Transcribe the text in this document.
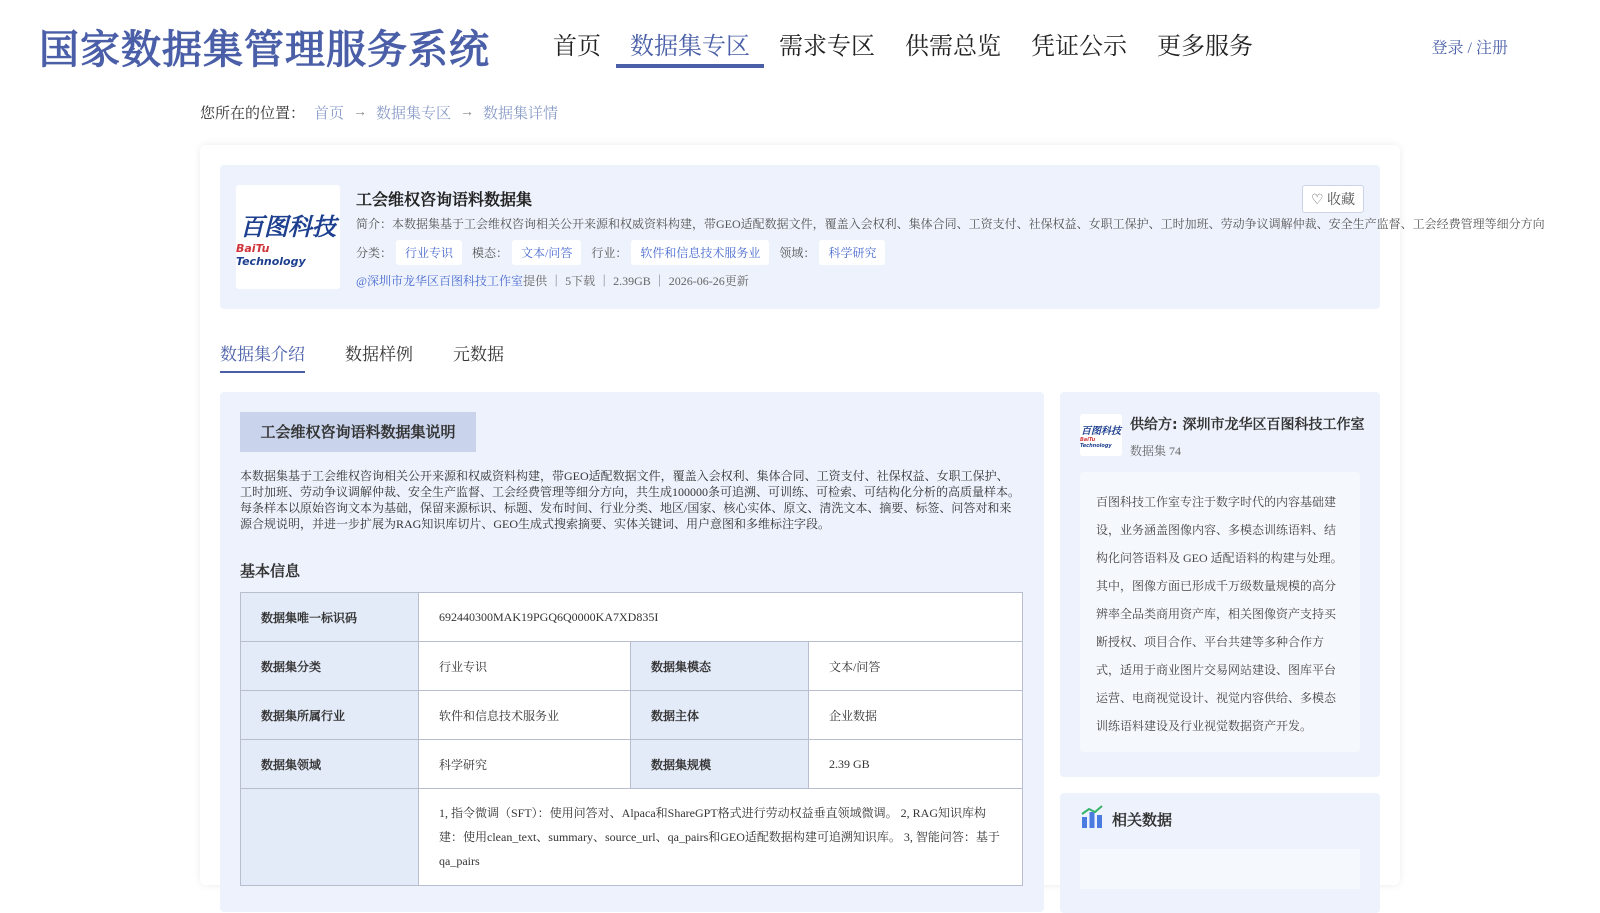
国家数据集管理服务系统	首页	数据集专区	需求专区	供需总览	凭证公示	更多服务	登录 / 注册
您所在的位置： 首页 → 数据集专区 → 数据集详情
百图科技
BaiTu Technology
工会维权咨询语料数据集
简介：本数据集基于工会维权咨询相关公开来源和权威资料构建，带GEO适配数据文件，覆盖入会权利、集体合同、工资支付、社保权益、女职工保护、工时加班、劳动争议调解仲裁、安全生产监督、工会经费管理等细分方向
分类：	行业专识	模态：	文本/问答	行业：	软件和信息技术服务业	领域：	科学研究
@深圳市龙华区百图科技工作室提供 ｜ 5下载 ｜ 2.39GB ｜ 2026-06-26更新
♡ 收藏
数据集介绍 数据样例 元数据
工会维权咨询语料数据集说明
本数据集基于工会维权咨询相关公开来源和权威资料构建，带GEO适配数据文件，覆盖入会权利、集体合同、工资支付、社保权益、女职工保护、工时加班、劳动争议调解仲裁、安全生产监督、工会经费管理等细分方向，共生成100000条可追溯、可训练、可检索、可结构化分析的高质量样本。每条样本以原始咨询文本为基础，保留来源标识、标题、发布时间、行业分类、地区/国家、核心实体、原文、清洗文本、摘要、标签、问答对和来源合规说明，并进一步扩展为RAG知识库切片、GEO生成式搜索摘要、实体关键词、用户意图和多维标注字段。
基本信息
数据集唯一标识码	692440300MAK19PGQ6Q0000KA7XD835I		
数据集分类	行业专识	数据集模态	文本/问答
数据集所属行业	软件和信息技术服务业	数据主体	企业数据
数据集领域	科学研究	数据集规模	2.39 GB
	1, 指令微调（SFT）：使用问答对、Alpaca和ShareGPT格式进行劳动权益垂直领域微调。 2, RAG知识库构建：使用clean_text、summary、source_url、qa_pairs和GEO适配数据构建可追溯知识库。 3, 智能问答：基于qa_pairs		
百图科技
BaiTu Technology
供给方: 深圳市龙华区百图科技工作室
数据集 74
百图科技工作室专注于数字时代的内容基础建设，业务涵盖图像内容、多模态训练语料、结构化问答语料及 GEO 适配语料的构建与处理。其中，图像方面已形成千万级数量规模的高分辨率全品类商用资产库，相关图像资产支持买断授权、项目合作、平台共建等多种合作方式，适用于商业图片交易网站建设、图库平台运营、电商视觉设计、视觉内容供给、多模态训练语料建设及行业视觉数据资产开发。
相关数据
